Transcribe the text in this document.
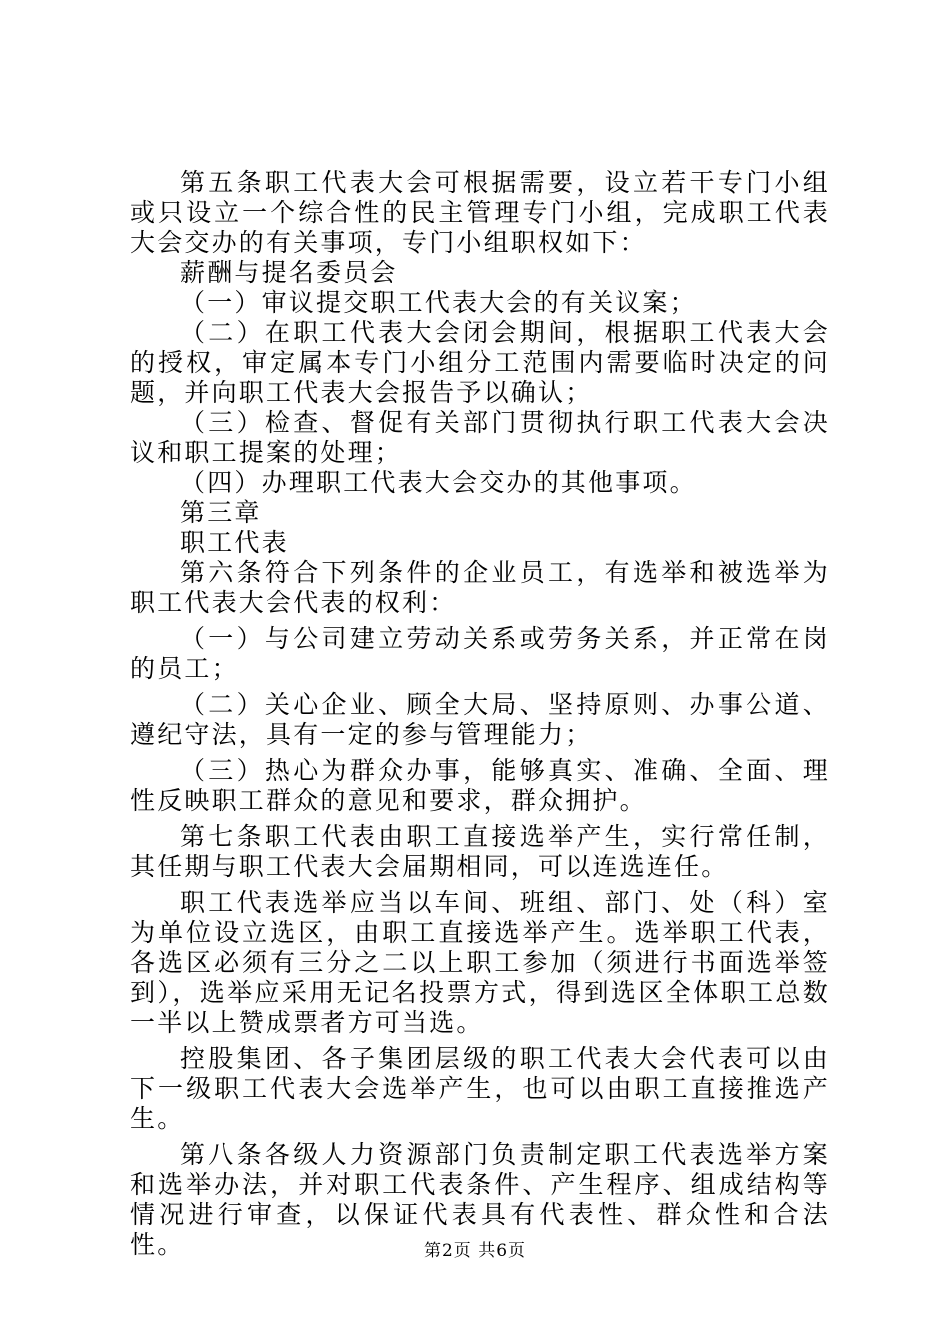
第五条职工代表大会可根据需要，设立若干专门小组或只设立一个综合性的民主管理专门小组，完成职工代表大会交办的有关事项，专门小组职权如下：

薪酬与提名委员会

（一）审议提交职工代表大会的有关议案；

（二）在职工代表大会闭会期间，根据职工代表大会的授权，审定属本专门小组分工范围内需要临时决定的问题，并向职工代表大会报告予以确认；

（三）检查、督促有关部门贯彻执行职工代表大会决议和职工提案的处理；

（四）办理职工代表大会交办的其他事项。

第三章

职工代表

第六条符合下列条件的企业员工，有选举和被选举为职工代表大会代表的权利：

（一）与公司建立劳动关系或劳务关系，并正常在岗的员工；

（二）关心企业、顾全大局、坚持原则、办事公道、遵纪守法，具有一定的参与管理能力；

（三）热心为群众办事，能够真实、准确、全面、理性反映职工群众的意见和要求，群众拥护。

第七条职工代表由职工直接选举产生，实行常任制，其任期与职工代表大会届期相同，可以连选连任。

职工代表选举应当以车间、班组、部门、处（科）室为单位设立选区，由职工直接选举产生。选举职工代表，各选区必须有三分之二以上职工参加（须进行书面选举签到），选举应采用无记名投票方式，得到选区全体职工总数一半以上赞成票者方可当选。

控股集团、各子集团层级的职工代表大会代表可以由下一级职工代表大会选举产生，也可以由职工直接推选产生。

第八条各级人力资源部门负责制定职工代表选举方案和选举办法，并对职工代表条件、产生程序、组成结构等情况进行审查，以保证代表具有代表性、群众性和合法性。	第2页 共6页
